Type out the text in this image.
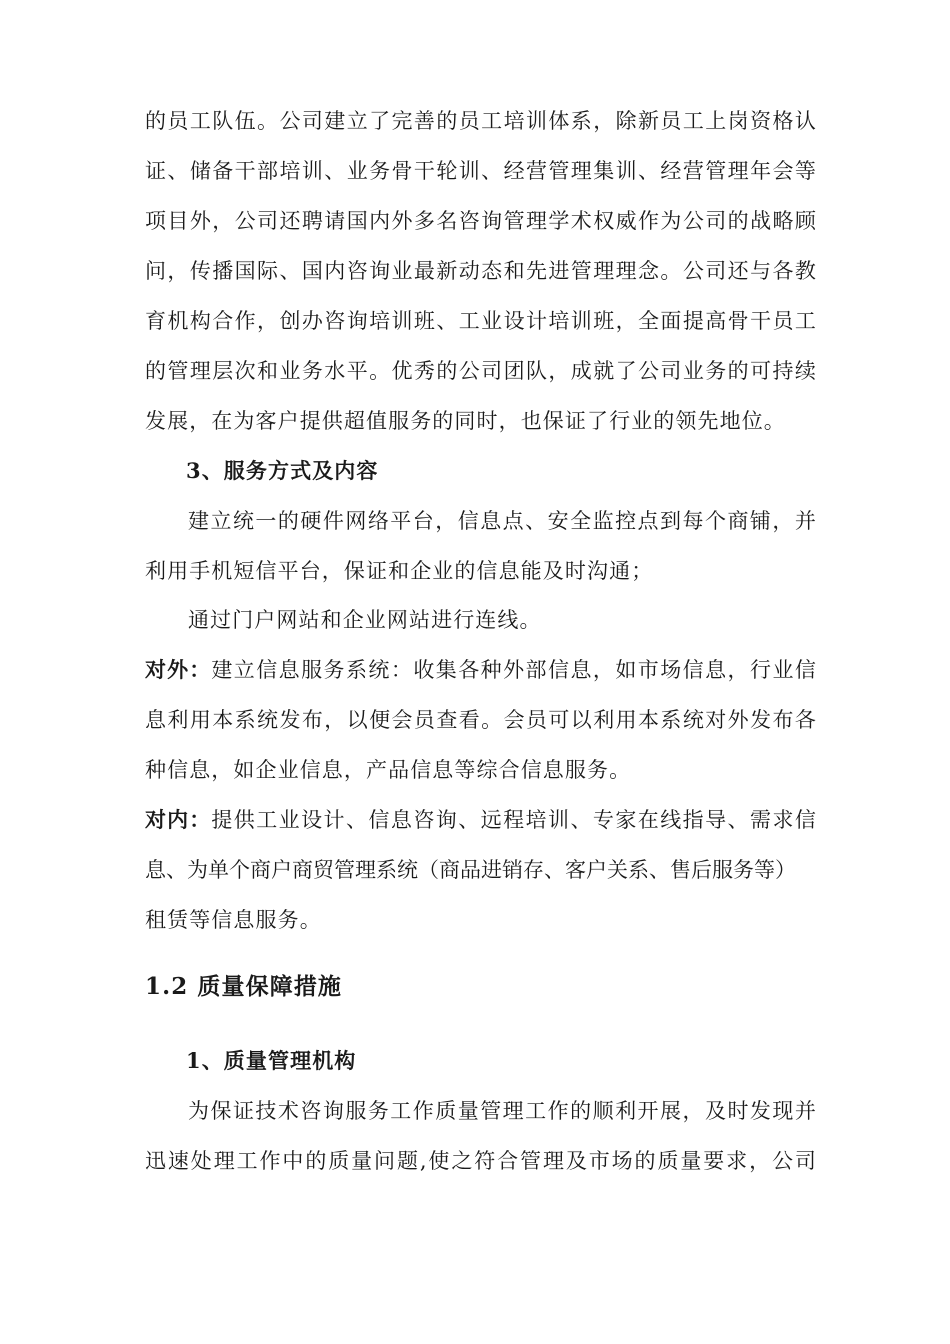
的员工队伍。公司建立了完善的员工培训体系，除新员工上岗资格认
证、储备干部培训、业务骨干轮训、经营管理集训、经营管理年会等
项目外，公司还聘请国内外多名咨询管理学术权威作为公司的战略顾
问，传播国际、国内咨询业最新动态和先进管理理念。公司还与各教
育机构合作，创办咨询培训班、工业设计培训班，全面提高骨干员工
的管理层次和业务水平。优秀的公司团队，成就了公司业务的可持续
发展，在为客户提供超值服务的同时，也保证了行业的领先地位。
3、服务方式及内容
建立统一的硬件网络平台，信息点、安全监控点到每个商铺，并
利用手机短信平台，保证和企业的信息能及时沟通；
通过门户网站和企业网站进行连线。
对外： 建立信息服务系统：收集各种外部信息，如市场信息，行业信
息利用本系统发布，以便会员查看。会员可以利用本系统对外发布各
种信息，如企业信息，产品信息等综合信息服务。
对内： 提供工业设计、信息咨询、远程培训、专家在线指导、需求信
息、为单个商户商贸管理系统（商品进销存、客户关系、售后服务等）
租赁等信息服务。
1.2 质量保障措施
1、质量管理机构
为保证技术咨询服务工作质量管理工作的顺利开展，及时发现并
迅速处理工作中的质量问题,使之符合管理及市场的质量要求，公司
